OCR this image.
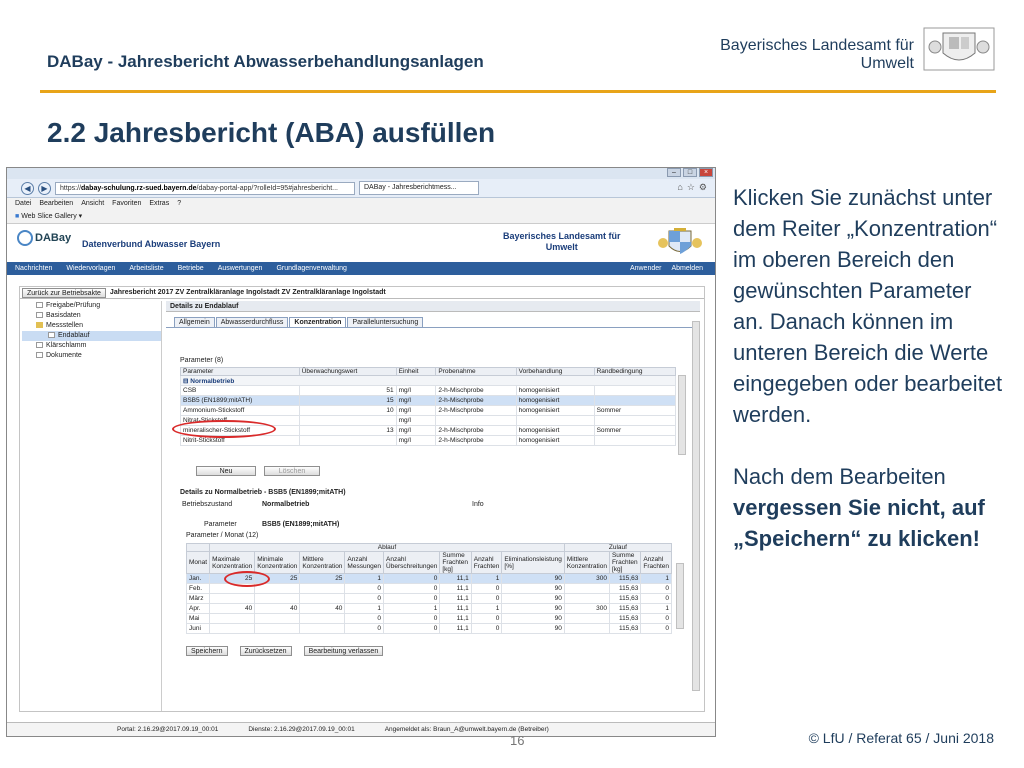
DABay - Jahresbericht Abwasserbehandlungsanlagen
Bayerisches Landesamt für
Umwelt
2.2 Jahresbericht (ABA) ausfüllen
–	□	×
◀	▶	https://dabay-schulung.rz-sued.bayern.de/dabay-portal-app/?rolleId=95#jahresbericht...	DABay - Jahresberichtmess...	⌂☆⚙
Datei Bearbeiten Ansicht Favoriten Extras ?
■ Web Slice Gallery ▾
DABay
Datenverbund Abwasser Bayern
Bayerisches Landesamt für
Umwelt
Nachrichten Wiedervorlagen Arbeitsliste Betriebe Auswertungen Grundlagenverwaltung	Anwender Abmelden
Zurück zur Betriebsakte	Jahresbericht 2017 ZV Zentralkläranlage Ingolstadt ZV Zentralkläranlage Ingolstadt
Freigabe/Prüfung
Basisdaten
Messstellen
Endablauf
Klärschlamm
Dokumente
Details zu Endablauf
Allgemein	Abwasserdurchfluss	Konzentration	Paralleluntersuchung
Parameter (8)
Parameter	Überwachungswert	Einheit	Probenahme	Vorbehandlung	Randbedingung
⊟ Normalbetrieb					
CSB	51	mg/l	2-h-Mischprobe	homogenisiert	
BSB5 (EN1899;mitATH)	15	mg/l	2-h-Mischprobe	homogenisiert	
Ammonium-Stickstoff	10	mg/l	2-h-Mischprobe	homogenisiert	Sommer
Nitrat-Stickstoff		mg/l			
mineralischer-Stickstoff	13	mg/l	2-h-Mischprobe	homogenisiert	Sommer
Nitrit-Stickstoff		mg/l	2-h-Mischprobe	homogenisiert	
Neu	Löschen
Details zu Normalbetrieb - BSB5 (EN1899;mitATH)
Betriebszustand	Normalbetrieb	Info
Parameter	BSB5 (EN1899;mitATH)
Parameter / Monat (12)
	Ablauf								Zulauf		
Monat	Maximale Konzentration	Minimale Konzentration	Mittlere Konzentration	Anzahl Messungen	Anzahl Überschreitungen	Summe Frachten [kg]	Anzahl Frachten	Eliminationsleistung [%]	Mittlere Konzentration	Summe Frachten [kg]	Anzahl Frachten
Jan.	25	25	25	1	0	11,1	1	90	300	115,63	1
Feb.				0	0	11,1	0	90		115,63	0
März				0	0	11,1	0	90		115,63	0
Apr.	40	40	40	1	1	11,1	1	90	300	115,63	1
Mai				0	0	11,1	0	90		115,63	0
Juni				0	0	11,1	0	90		115,63	0
Speichern	Zurücksetzen	Bearbeitung verlassen
Portal: 2.16.29@2017.09.19_00:01	Dienste: 2.16.29@2017.09.19_00:01	Angemeldet als: Braun_A@umwelt.bayern.de (Betreiber)

Klicken Sie zunächst unter dem Reiter „Konzentration“ im oberen Bereich den gewünschten Parameter an. Danach können im unteren Bereich die Werte eingegeben oder bearbeitet werden.

Nach dem Bearbeiten vergessen Sie nicht, auf „Speichern“ zu klicken!

16	© LfU / Referat 65 / Juni 2018
